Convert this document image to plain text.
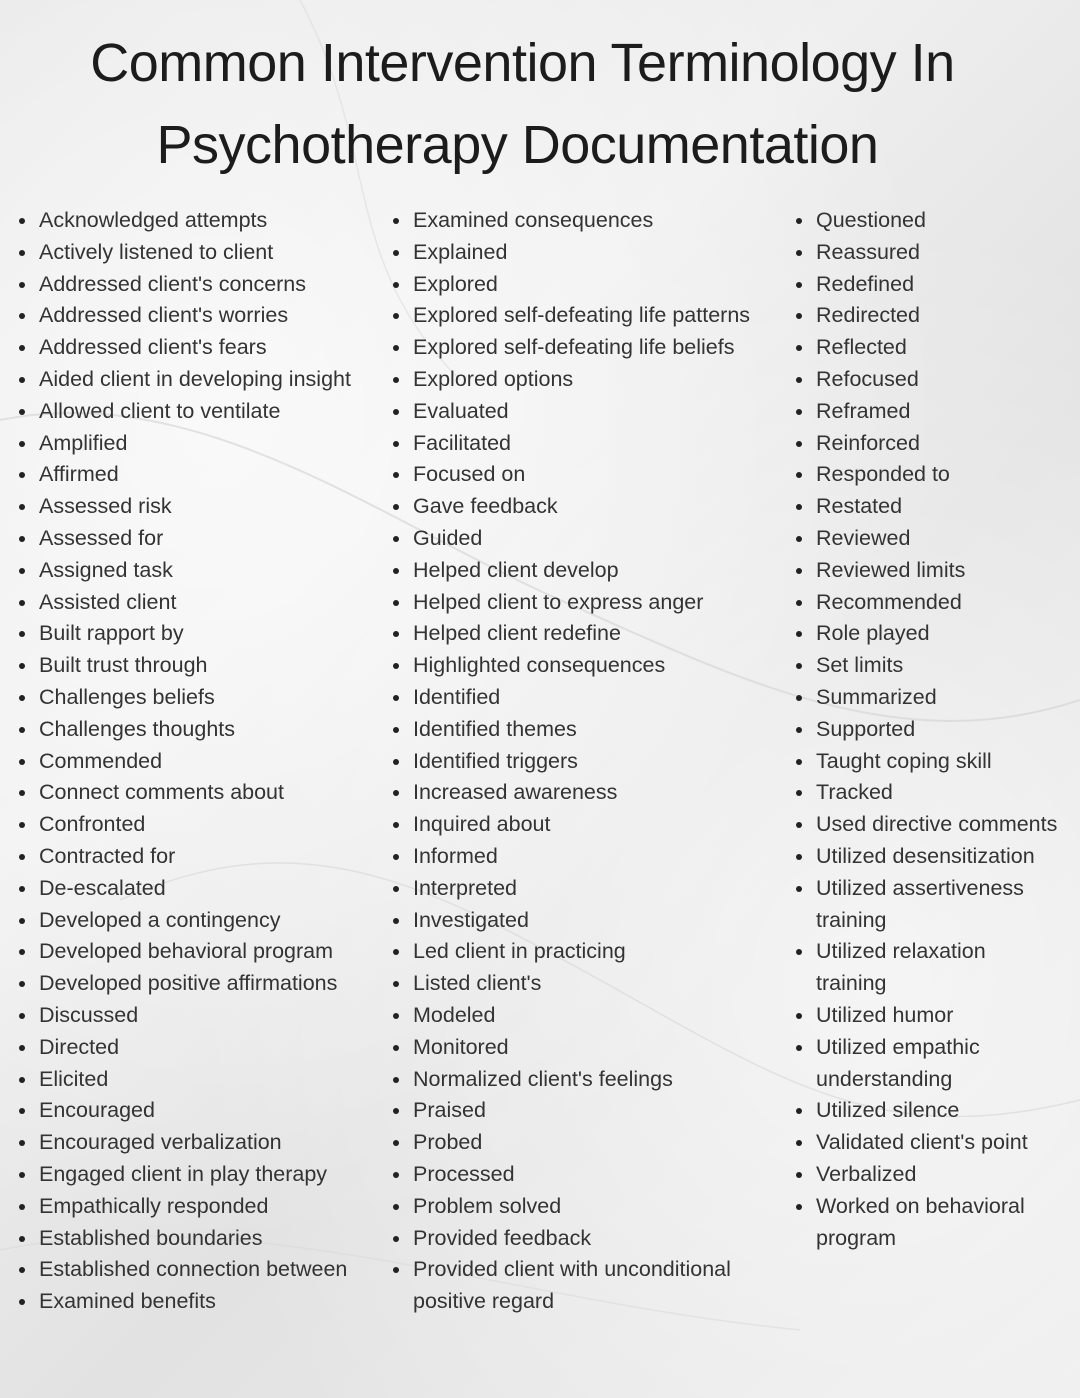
Common Intervention Terminology In
Psychotherapy Documentation
Acknowledged attempts
Actively listened to client
Addressed client's concerns
Addressed client's worries
Addressed client's fears
Aided client in developing insight
Allowed client to ventilate
Amplified
Affirmed
Assessed risk
Assessed for
Assigned task
Assisted client
Built rapport by
Built trust through
Challenges beliefs
Challenges thoughts
Commended
Connect comments about
Confronted
Contracted for
De-escalated
Developed a contingency
Developed behavioral program
Developed positive affirmations
Discussed
Directed
Elicited
Encouraged
Encouraged verbalization
Engaged client in play therapy
Empathically responded
Established boundaries
Established connection between
Examined benefits
Examined consequences
Explained
Explored
Explored self-defeating life patterns
Explored self-defeating life beliefs
Explored options
Evaluated
Facilitated
Focused on
Gave feedback
Guided
Helped client develop
Helped client to express anger
Helped client redefine
Highlighted consequences
Identified
Identified themes
Identified triggers
Increased awareness
Inquired about
Informed
Interpreted
Investigated
Led client in practicing
Listed client's
Modeled
Monitored
Normalized client's feelings
Praised
Probed
Processed
Problem solved
Provided feedback
Provided client with unconditional
positive regard
Questioned
Reassured
Redefined
Redirected
Reflected
Refocused
Reframed
Reinforced
Responded to
Restated
Reviewed
Reviewed limits
Recommended
Role played
Set limits
Summarized
Supported
Taught coping skill
Tracked
Used directive comments
Utilized desensitization
Utilized assertiveness
training
Utilized relaxation
training
Utilized humor
Utilized empathic
understanding
Utilized silence
Validated client's point
Verbalized
Worked on behavioral
program
